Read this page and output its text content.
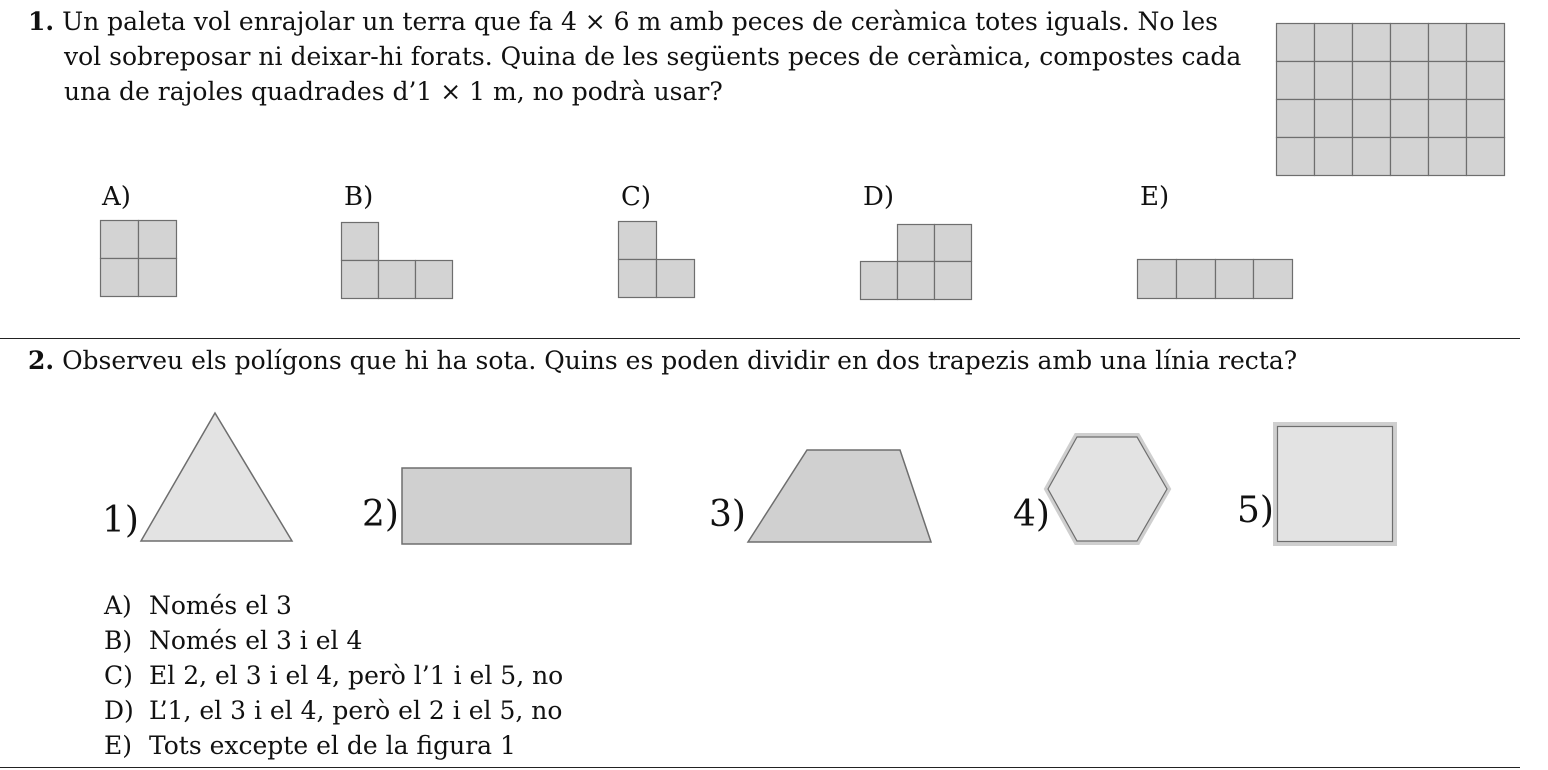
1. Un paleta vol enrajolar un terra que fa 4 × 6 m amb peces de ceràmica totes iguals. No les
vol sobreposar ni deixar-hi forats. Quina de les següents peces de ceràmica, compostes cada
una de rajoles quadrades d’1 × 1 m, no podrà usar?
A)	B)	C)	D)	E)
2. Observeu els polígons que hi ha sota. Quins es poden dividir en dos trapezis amb una línia recta?
1)	2)	3)	4)	5)
A) Només el 3
B) Només el 3 i el 4
C) El 2, el 3 i el 4, però l’1 i el 5, no
D) L’1, el 3 i el 4, però el 2 i el 5, no
E) Tots excepte el de la figura 1
